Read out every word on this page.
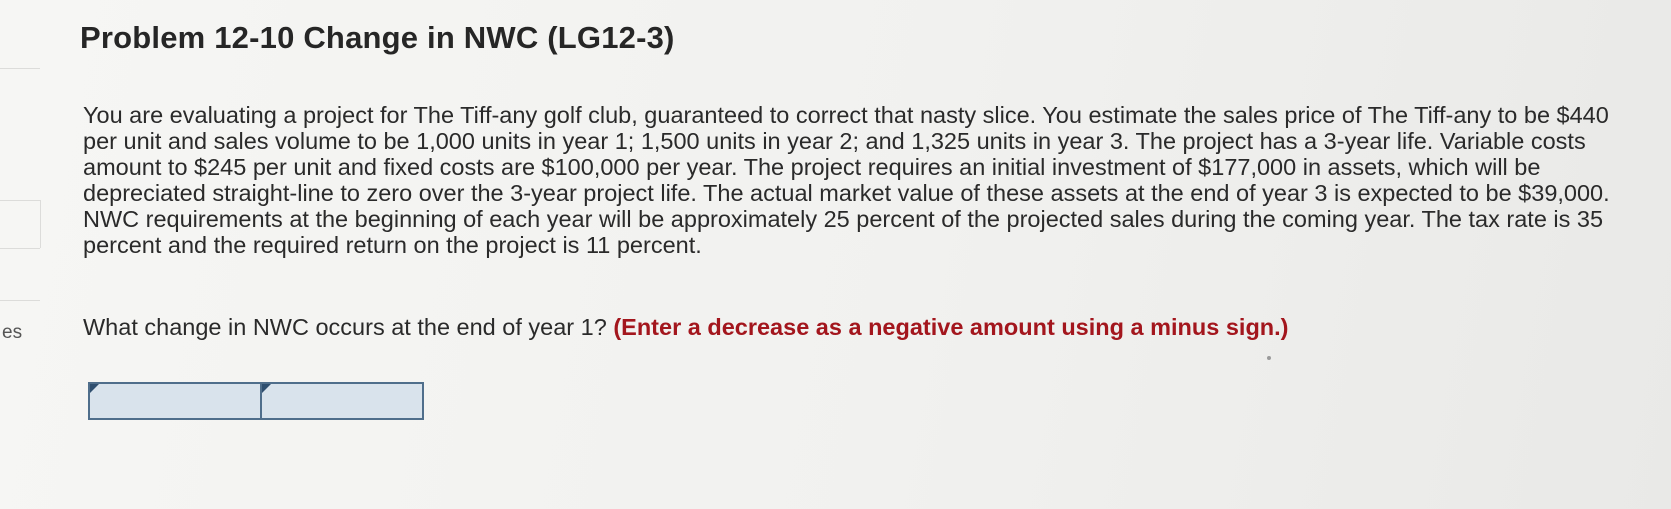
es
Problem 12-10 Change in NWC (LG12-3)

You are evaluating a project for The Tiff-any golf club, guaranteed to correct that nasty slice. You estimate the sales price of The Tiff-any to be $440 per unit and sales volume to be 1,000 units in year 1; 1,500 units in year 2; and 1,325 units in year 3. The project has a 3-year life. Variable costs amount to $245 per unit and fixed costs are $100,000 per year. The project requires an initial investment of $177,000 in assets, which will be depreciated straight-line to zero over the 3-year project life. The actual market value of these assets at the end of year 3 is expected to be $39,000. NWC requirements at the beginning of each year will be approximately 25 percent of the projected sales during the coming year. The tax rate is 35 percent and the required return on the project is 11 percent.

What change in NWC occurs at the end of year 1? (Enter a decrease as a negative amount using a minus sign.)
